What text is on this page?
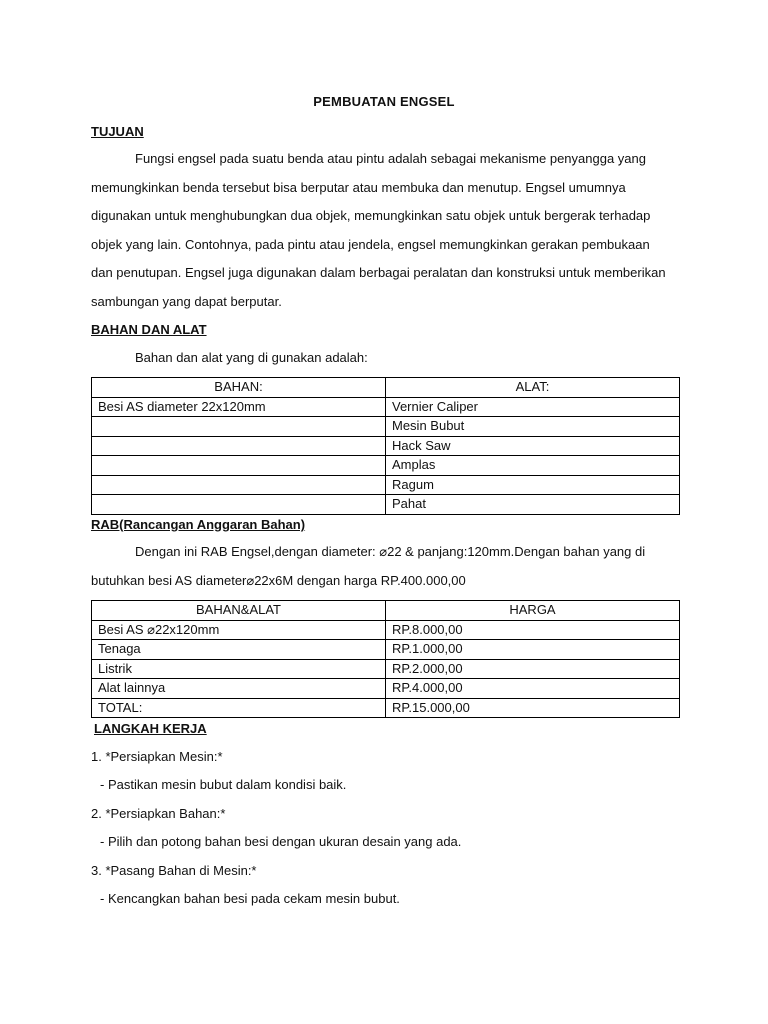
PEMBUATAN ENGSEL
TUJUAN
Fungsi engsel pada suatu benda atau pintu adalah sebagai mekanisme penyangga yang
memungkinkan benda tersebut bisa berputar atau membuka dan menutup. Engsel umumnya
digunakan untuk menghubungkan dua objek, memungkinkan satu objek untuk bergerak terhadap
objek yang lain. Contohnya, pada pintu atau jendela, engsel memungkinkan gerakan pembukaan
dan penutupan. Engsel juga digunakan dalam berbagai peralatan dan konstruksi untuk memberikan
sambungan yang dapat berputar.
BAHAN DAN ALAT
Bahan dan alat yang di gunakan adalah:
BAHAN:	ALAT:
Besi AS diameter 22x120mm	Vernier Caliper
	Mesin Bubut
	Hack Saw
	Amplas
	Ragum
	Pahat
RAB(Rancangan Anggaran Bahan)
Dengan ini RAB Engsel,dengan diameter: ⌀22 & panjang:120mm.Dengan bahan yang di
butuhkan besi AS diameter⌀22x6M dengan harga RP.400.000,00
BAHAN&ALAT	HARGA
Besi AS ⌀22x120mm	RP.8.000,00
Tenaga	RP.1.000,00
Listrik	RP.2.000,00
Alat lainnya	RP.4.000,00
TOTAL:	RP.15.000,00
LANGKAH KERJA
1. *Persiapkan Mesin:*
- Pastikan mesin bubut dalam kondisi baik.
2. *Persiapkan Bahan:*
- Pilih dan potong bahan besi dengan ukuran desain yang ada.
3. *Pasang Bahan di Mesin:*
- Kencangkan bahan besi pada cekam mesin bubut.
